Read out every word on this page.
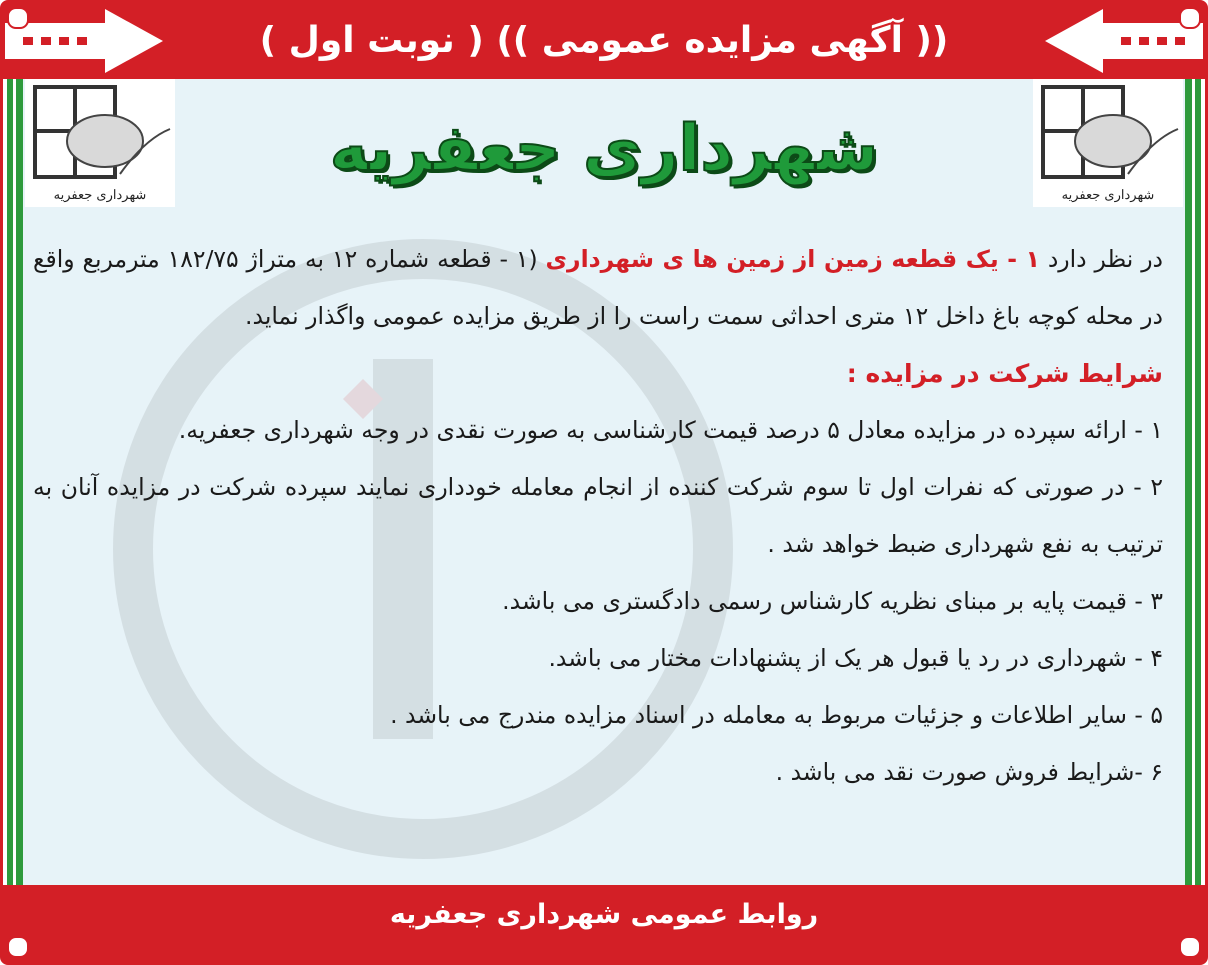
(( آگهی مزایده عمومی )) ( نوبت اول )
شهرداری جعفریه	شهرداری جعفریه
شهرداری جعفریه

در نظر دارد ۱ - یک قطعه زمین از زمین ها ی شهرداری (۱ - قطعه شماره ۱۲ به متراژ ۱۸۲/۷۵ مترمربع واقع در محله کوچه باغ داخل ۱۲ متری احداثی سمت راست را از طریق مزایده عمومی واگذار نماید.

شرایط شرکت در مزایده :

۱ - ارائه سپرده در مزایده معادل ۵ درصد قیمت کارشناسی به صورت نقدی در وجه شهرداری جعفریه.

۲ - در صورتی که نفرات اول تا سوم شرکت کننده از انجام معامله خودداری نمایند سپرده شرکت در مزایده آنان به ترتیب به نفع شهرداری ضبط خواهد شد .

۳ - قیمت پایه بر مبنای نظریه کارشناس رسمی دادگستری می باشد.

۴ - شهرداری در رد یا قبول هر یک از پشنهادات مختار می باشد.

۵ - سایر اطلاعات و جزئیات مربوط به معامله در اسناد مزایده مندرج می باشد .

۶ -شرایط فروش صورت نقد می باشد .

روابط عمومی شهرداری جعفریه
